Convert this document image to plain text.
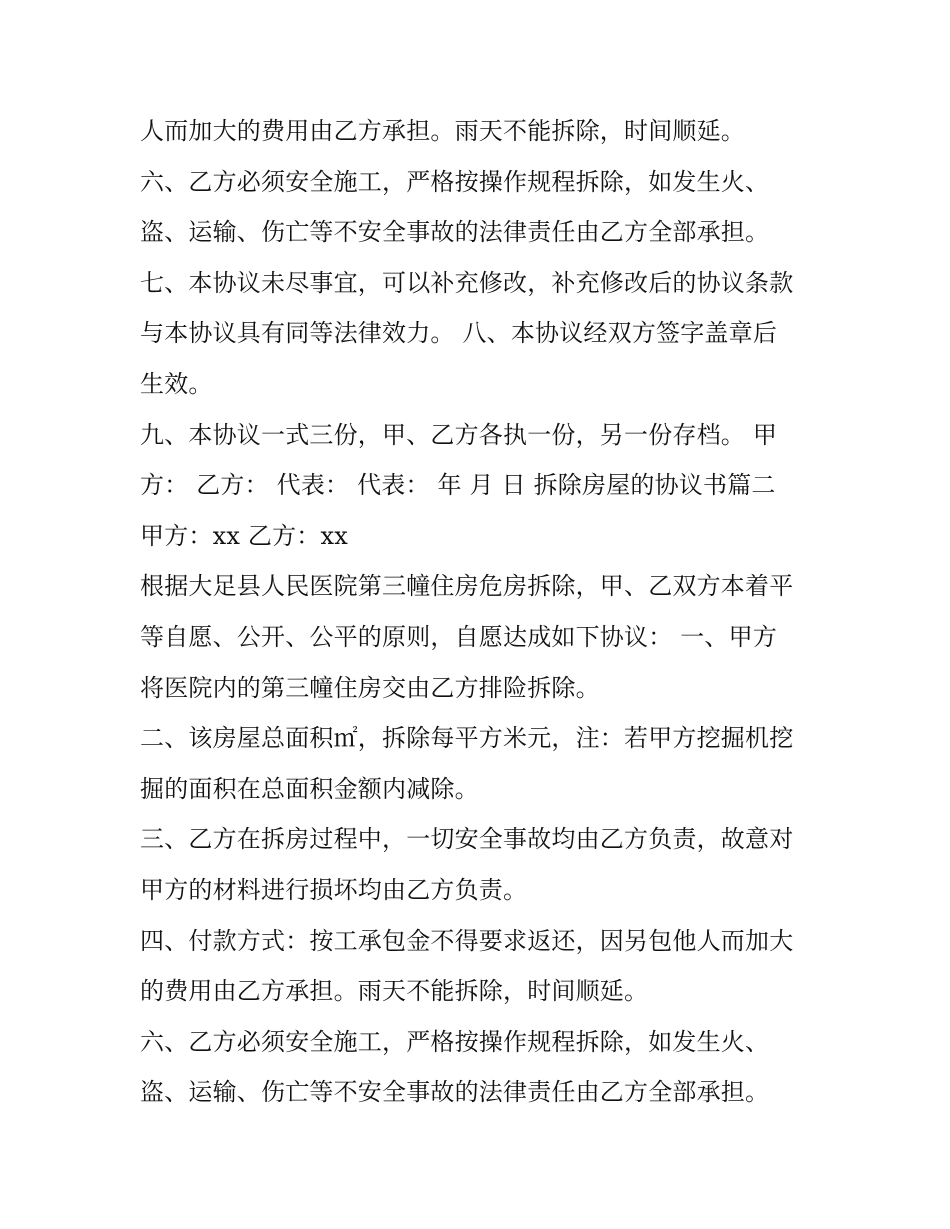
人而加大的费用由乙方承担。雨天不能拆除，时间顺延。
六、乙方必须安全施工，严格按操作规程拆除，如发生火、
盗、运输、伤亡等不安全事故的法律责任由乙方全部承担。
七、本协议未尽事宜，可以补充修改，补充修改后的协议条款
与本协议具有同等法律效力。 八、本协议经双方签字盖章后
生效。
九、本协议一式三份，甲、乙方各执一份，另一份存档。 甲
方： 乙方： 代表： 代表： 年 月 日 拆除房屋的协议书篇二
甲方：xx 乙方：xx
根据大足县人民医院第三幢住房危房拆除，甲、乙双方本着平
等自愿、公开、公平的原则，自愿达成如下协议： 一、甲方
将医院内的第三幢住房交由乙方排险拆除。
二、该房屋总面积㎡，拆除每平方米元，注：若甲方挖掘机挖
掘的面积在总面积金额内减除。
三、乙方在拆房过程中，一切安全事故均由乙方负责，故意对
甲方的材料进行损坏均由乙方负责。
四、付款方式：按工承包金不得要求返还，因另包他人而加大
的费用由乙方承担。雨天不能拆除，时间顺延。
六、乙方必须安全施工，严格按操作规程拆除，如发生火、
盗、运输、伤亡等不安全事故的法律责任由乙方全部承担。
